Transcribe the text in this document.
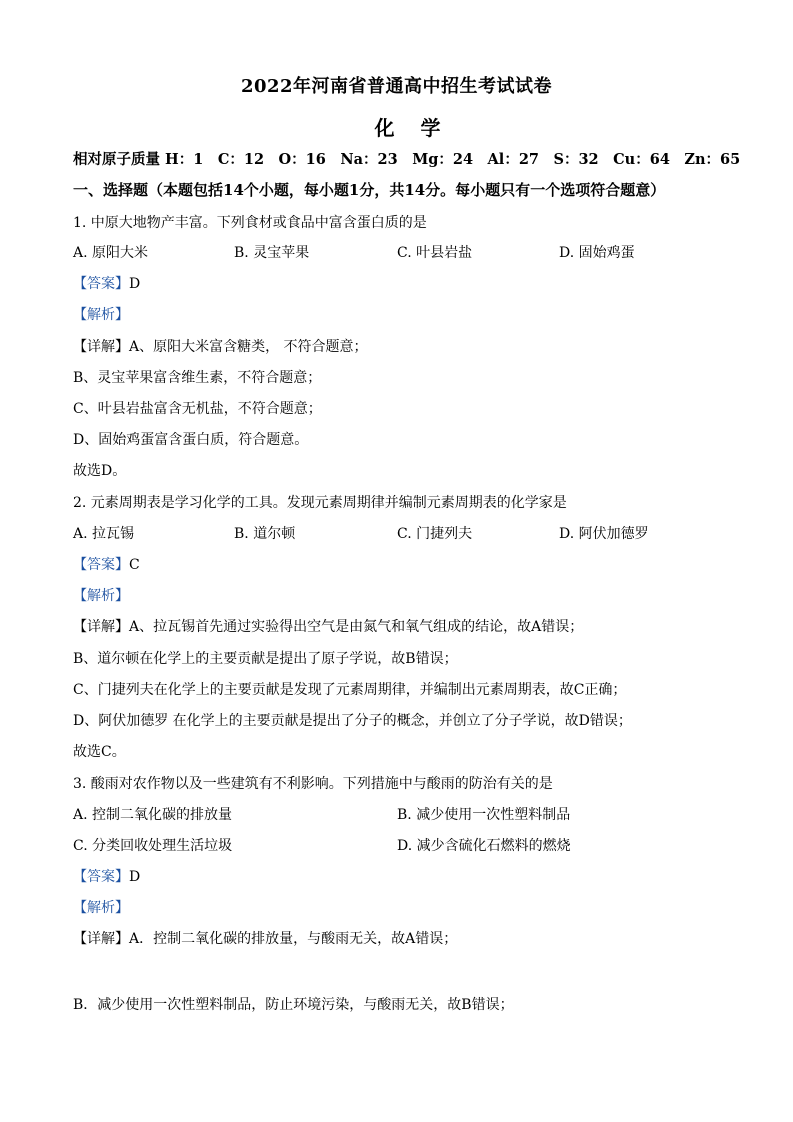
2022年河南省普通高中招生考试试卷
化学
相对原子质量 H：1　C：12　O：16　Na：23　Mg：24　Al：27　S：32　Cu：64　Zn：65
一、选择题（本题包括14个小题，每小题1分，共14分。每小题只有一个选项符合题意）
1. 中原大地物产丰富。下列食材或食品中富含蛋白质的是
A. 原阳大米	B. 灵宝苹果	C. 叶县岩盐	D. 固始鸡蛋
【答案】D
【解析】
【详解】A、原阳大米富含糖类， 不符合题意；
B、灵宝苹果富含维生素，不符合题意；
C、叶县岩盐富含无机盐，不符合题意；
D、固始鸡蛋富含蛋白质，符合题意。
故选D。
2. 元素周期表是学习化学的工具。发现元素周期律并编制元素周期表的化学家是
A. 拉瓦锡	B. 道尔顿	C. 门捷列夫	D. 阿伏加德罗
【答案】C
【解析】
【详解】A、拉瓦锡首先通过实验得出空气是由氮气和氧气组成的结论，故A错误；
B、道尔顿在化学上的主要贡献是提出了原子学说，故B错误；
C、门捷列夫在化学上的主要贡献是发现了元素周期律，并编制出元素周期表，故C正确；
D、阿伏加德罗 在化学上的主要贡献是提出了分子的概念，并创立了分子学说，故D错误；
故选C。
3. 酸雨对农作物以及一些建筑有不利影响。下列措施中与酸雨的防治有关的是
A. 控制二氧化碳的排放量	B. 减少使用一次性塑料制品
C. 分类回收处理生活垃圾	D. 减少含硫化石燃料的燃烧
【答案】D
【解析】
【详解】A．控制二氧化碳的排放量，与酸雨无关，故A错误；
B．减少使用一次性塑料制品，防止环境污染，与酸雨无关，故B错误；
